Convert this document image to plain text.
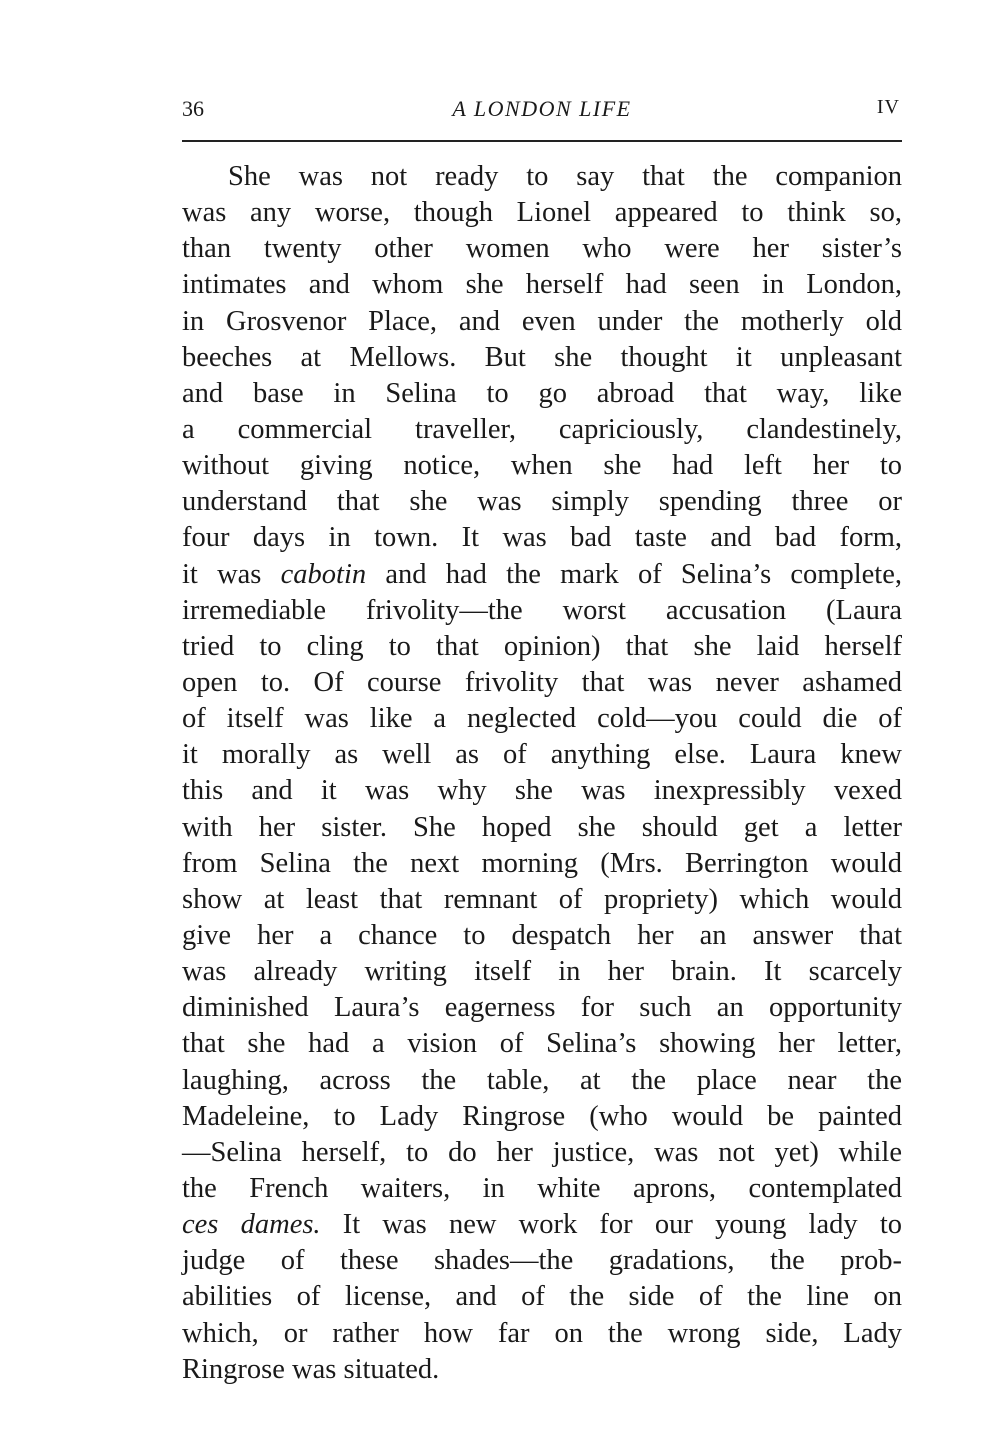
36	A LONDON LIFE	IV
She was not ready to say that the companion
was any worse, though Lionel appeared to think so,
than twenty other women who were her sister’s
intimates and whom she herself had seen in London,
in Grosvenor Place, and even under the motherly old
beeches at Mellows. But she thought it unpleasant
and base in Selina to go abroad that way, like
a commercial traveller, capriciously, clandestinely,
without giving notice, when she had left her to
understand that she was simply spending three or
four days in town. It was bad taste and bad form,
it was cabotin and had the mark of Selina’s complete,
irremediable frivolity—the worst accusation (Laura
tried to cling to that opinion) that she laid herself
open to. Of course frivolity that was never ashamed
of itself was like a neglected cold—you could die of
it morally as well as of anything else. Laura knew
this and it was why she was inexpressibly vexed
with her sister. She hoped she should get a letter
from Selina the next morning (Mrs. Berrington would
show at least that remnant of propriety) which would
give her a chance to despatch her an answer that
was already writing itself in her brain. It scarcely
diminished Laura’s eagerness for such an opportunity
that she had a vision of Selina’s showing her letter,
laughing, across the table, at the place near the
Madeleine, to Lady Ringrose (who would be painted
—Selina herself, to do her justice, was not yet) while
the French waiters, in white aprons, contemplated
ces dames. It was new work for our young lady to
judge of these shades—the gradations, the prob-
abilities of license, and of the side of the line on
which, or rather how far on the wrong side, Lady
Ringrose was situated.
